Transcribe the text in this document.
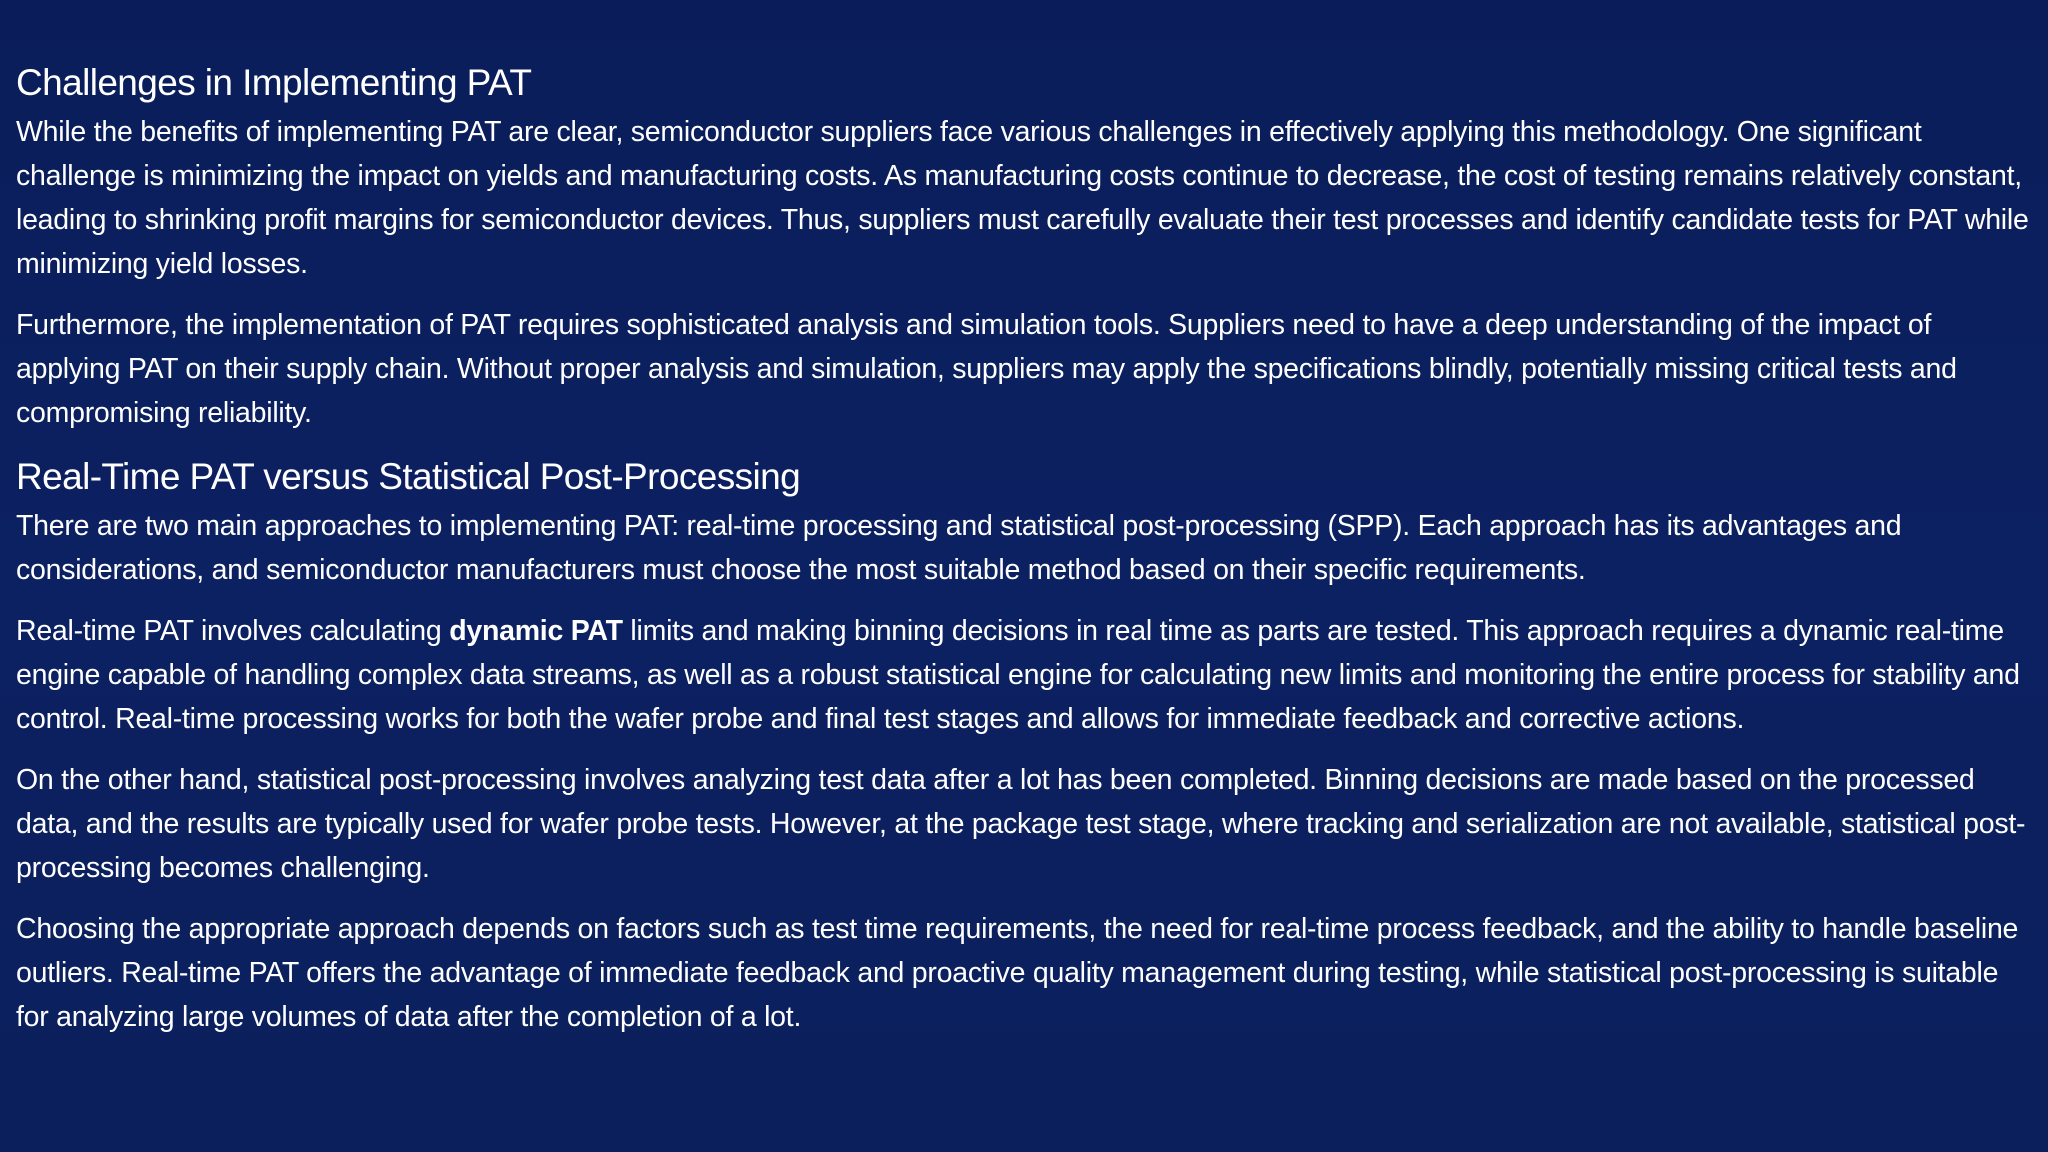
Challenges in Implementing PAT

While the benefits of implementing PAT are clear, semiconductor suppliers face various challenges in effectively applying this methodology. One significant challenge is minimizing the impact on yields and manufacturing costs. As manufacturing costs continue to decrease, the cost of testing remains relatively constant, leading to shrinking profit margins for semiconductor devices. Thus, suppliers must carefully evaluate their test processes and identify candidate tests for PAT while minimizing yield losses.

Furthermore, the implementation of PAT requires sophisticated analysis and simulation tools. Suppliers need to have a deep understanding of the impact of applying PAT on their supply chain. Without proper analysis and simulation, suppliers may apply the specifications blindly, potentially missing critical tests and compromising reliability.

Real-Time PAT versus Statistical Post-Processing

There are two main approaches to implementing PAT: real-time processing and statistical post-processing (SPP). Each approach has its advantages and considerations, and semiconductor manufacturers must choose the most suitable method based on their specific requirements.

Real-time PAT involves calculating dynamic PAT limits and making binning decisions in real time as parts are tested. This approach requires a dynamic real-time engine capable of handling complex data streams, as well as a robust statistical engine for calculating new limits and monitoring the entire process for stability and control. Real-time processing works for both the wafer probe and final test stages and allows for immediate feedback and corrective actions.

On the other hand, statistical post-processing involves analyzing test data after a lot has been completed. Binning decisions are made based on the processed data, and the results are typically used for wafer probe tests. However, at the package test stage, where tracking and serialization are not available, statistical post-processing becomes challenging.

Choosing the appropriate approach depends on factors such as test time requirements, the need for real-time process feedback, and the ability to handle baseline outliers. Real-time PAT offers the advantage of immediate feedback and proactive quality management during testing, while statistical post-processing is suitable for analyzing large volumes of data after the completion of a lot.
